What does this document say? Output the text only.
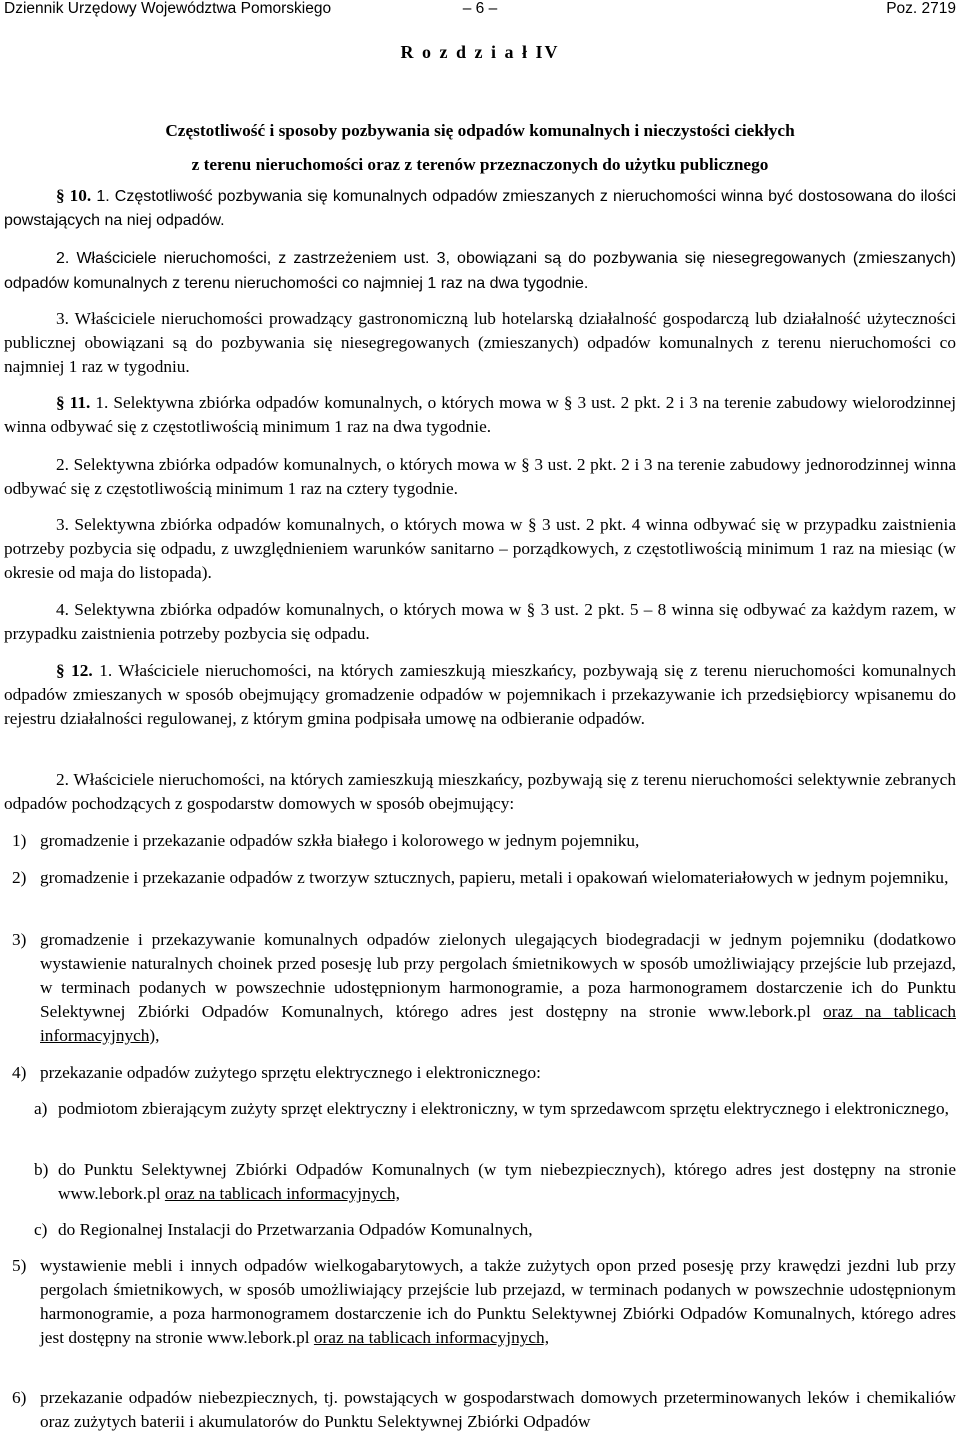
Dziennik Urzędowy Województwa Pomorskiego	– 6 –	Poz. 2719
R o z d z i a ł IV

Częstotliwość i sposoby pozbywania się odpadów komunalnych i nieczystości ciekłych

z terenu nieruchomości oraz z terenów przeznaczonych do użytku publicznego

§ 10. 1. Częstotliwość pozbywania się komunalnych odpadów zmieszanych z nieruchomości winna być dostosowana do ilości powstających na niej odpadów.

2. Właściciele nieruchomości, z zastrzeżeniem ust. 3, obowiązani są do pozbywania się niesegregowanych (zmieszanych) odpadów komunalnych z terenu nieruchomości co najmniej 1 raz na dwa tygodnie.

3. Właściciele nieruchomości prowadzący gastronomiczną lub hotelarską działalność gospodarczą lub działalność użyteczności publicznej obowiązani są do pozbywania się niesegregowanych (zmieszanych) odpadów komunalnych z terenu nieruchomości co najmniej 1 raz w tygodniu.

§ 11. 1. Selektywna zbiórka odpadów komunalnych, o których mowa w § 3 ust. 2 pkt. 2 i 3 na terenie zabudowy wielorodzinnej winna odbywać się z częstotliwością minimum 1 raz na dwa tygodnie.

2. Selektywna zbiórka odpadów komunalnych, o których mowa w § 3 ust. 2 pkt. 2 i 3 na terenie zabudowy jednorodzinnej winna odbywać się z częstotliwością minimum 1 raz na cztery tygodnie.

3. Selektywna zbiórka odpadów komunalnych, o których mowa w § 3 ust. 2 pkt. 4 winna odbywać się w przypadku zaistnienia potrzeby pozbycia się odpadu, z uwzględnieniem warunków sanitarno – porządkowych, z częstotliwością minimum 1 raz na miesiąc (w okresie od maja do listopada).

4. Selektywna zbiórka odpadów komunalnych, o których mowa w § 3 ust. 2 pkt. 5 – 8 winna się odbywać za każdym razem, w przypadku zaistnienia potrzeby pozbycia się odpadu.

§ 12. 1. Właściciele nieruchomości, na których zamieszkują mieszkańcy, pozbywają się z terenu nieruchomości komunalnych odpadów zmieszanych w sposób obejmujący gromadzenie odpadów w pojemnikach i przekazywanie ich przedsiębiorcy wpisanemu do rejestru działalności regulowanej, z którym gmina podpisała umowę na odbieranie odpadów.

2. Właściciele nieruchomości, na których zamieszkują mieszkańcy, pozbywają się z terenu nieruchomości selektywnie zebranych odpadów pochodzących z gospodarstw domowych w sposób obejmujący:

1) gromadzenie i przekazanie odpadów szkła białego i kolorowego w jednym pojemniku,
2) gromadzenie i przekazanie odpadów z tworzyw sztucznych, papieru, metali i opakowań wielomateriałowych w jednym pojemniku,
3) gromadzenie i przekazywanie komunalnych odpadów zielonych ulegających biodegradacji w jednym pojemniku (dodatkowo wystawienie naturalnych choinek przed posesję lub przy pergolach śmietnikowych w sposób umożliwiający przejście lub przejazd, w terminach podanych w powszechnie udostępnionym harmonogramie, a poza harmonogramem dostarczenie ich do Punktu Selektywnej Zbiórki Odpadów Komunalnych, którego adres jest dostępny na stronie www.lebork.pl oraz na tablicach informacyjnych),
4) przekazanie odpadów zużytego sprzętu elektrycznego i elektronicznego:
a) podmiotom zbierającym zużyty sprzęt elektryczny i elektroniczny, w tym sprzedawcom sprzętu elektrycznego i elektronicznego,
b) do Punktu Selektywnej Zbiórki Odpadów Komunalnych (w tym niebezpiecznych), którego adres jest dostępny na stronie www.lebork.pl oraz na tablicach informacyjnych,
c) do Regionalnej Instalacji do Przetwarzania Odpadów Komunalnych,
5) wystawienie mebli i innych odpadów wielkogabarytowych, a także zużytych opon przed posesję przy krawędzi jezdni lub przy pergolach śmietnikowych, w sposób umożliwiający przejście lub przejazd, w terminach podanych w powszechnie udostępnionym harmonogramie, a poza harmonogramem dostarczenie ich do Punktu Selektywnej Zbiórki Odpadów Komunalnych, którego adres jest dostępny na stronie www.lebork.pl oraz na tablicach informacyjnych,
6) przekazanie odpadów niebezpiecznych, tj. powstających w gospodarstwach domowych przeterminowanych leków i chemikaliów oraz zużytych baterii i akumulatorów do Punktu Selektywnej Zbiórki Odpadów
